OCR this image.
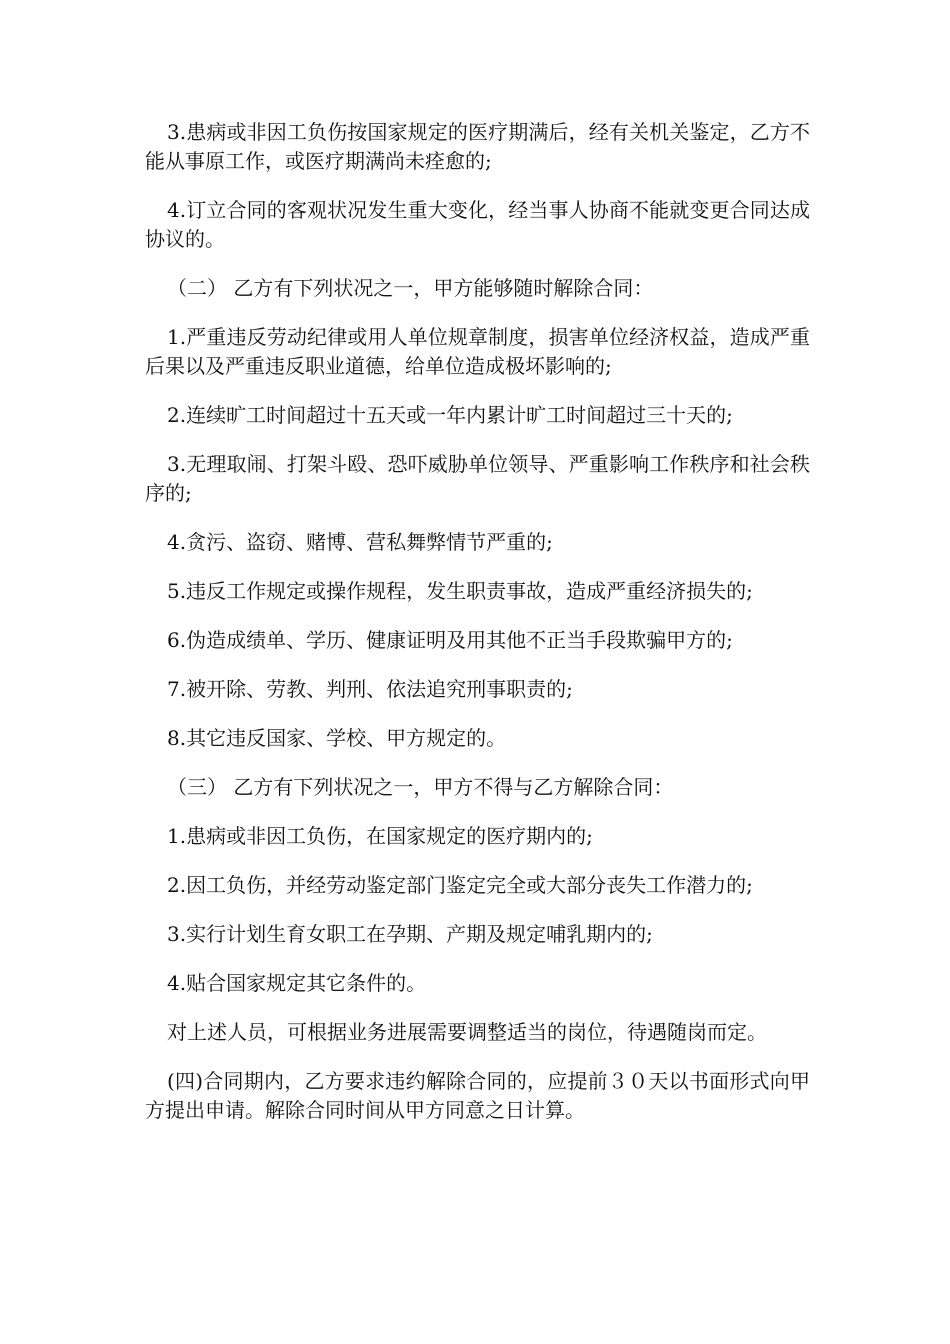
3.患病或非因工负伤按国家规定的医疗期满后，经有关机关鉴定，乙方不能从事原工作，或医疗期满尚未痊愈的;

4.订立合同的客观状况发生重大变化，经当事人协商不能就变更合同达成协议的。

（二） 乙方有下列状况之一，甲方能够随时解除合同：

1.严重违反劳动纪律或用人单位规章制度，损害单位经济权益，造成严重后果以及严重违反职业道德，给单位造成极坏影响的;

2.连续旷工时间超过十五天或一年内累计旷工时间超过三十天的;

3.无理取闹、打架斗殴、恐吓威胁单位领导、严重影响工作秩序和社会秩序的;

4.贪污、盗窃、赌博、营私舞弊情节严重的;

5.违反工作规定或操作规程，发生职责事故，造成严重经济损失的;

6.伪造成绩单、学历、健康证明及用其他不正当手段欺骗甲方的;

7.被开除、劳教、判刑、依法追究刑事职责的;

8.其它违反国家、学校、甲方规定的。

（三） 乙方有下列状况之一，甲方不得与乙方解除合同：

1.患病或非因工负伤，在国家规定的医疗期内的;

2.因工负伤，并经劳动鉴定部门鉴定完全或大部分丧失工作潜力的;

3.实行计划生育女职工在孕期、产期及规定哺乳期内的;

4.贴合国家规定其它条件的。

对上述人员，可根据业务进展需要调整适当的岗位，待遇随岗而定。

(四)合同期内，乙方要求违约解除合同的，应提前３０天以书面形式向甲方提出申请。解除合同时间从甲方同意之日计算。
